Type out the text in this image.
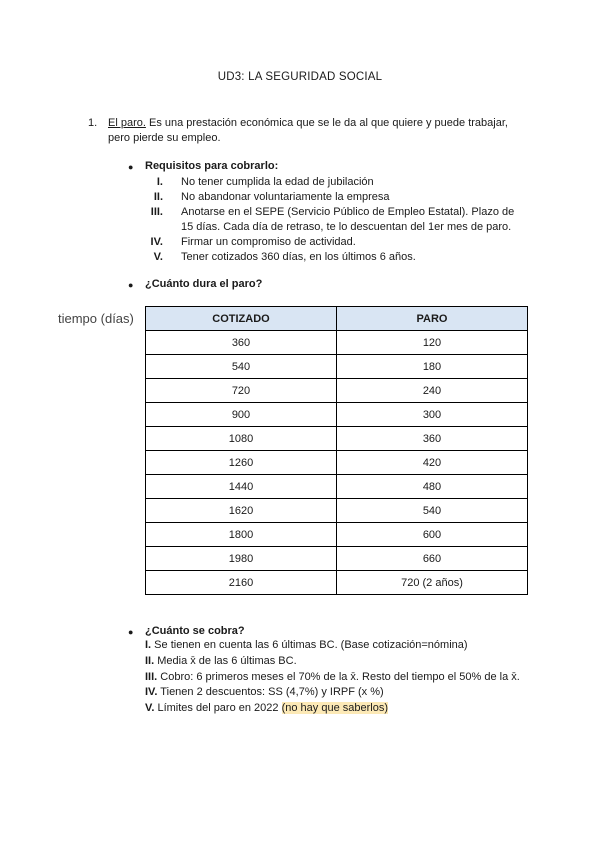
UD3: LA SEGURIDAD SOCIAL
1. El paro. Es una prestación económica que se le da al que quiere y puede trabajar,
pero pierde su empleo.
● Requisitos para cobrarlo:
I. No tener cumplida la edad de jubilación
II. No abandonar voluntariamente la empresa
III. Anotarse en el SEPE (Servicio Público de Empleo Estatal). Plazo de 15 días. Cada día de retraso, te lo descuentan del 1er mes de paro.
IV. Firmar un compromiso de actividad.
V. Tener cotizados 360 días, en los últimos 6 años.
● ¿Cuánto dura el paro?
tiempo (días)	COTIZADO	PARO
360	120
540	180
720	240
900	300
1080	360
1260	420
1440	480
1620	540
1800	600
1980	660
2160	720 (2 años)
● ¿Cuánto se cobra?
I. Se tienen en cuenta las 6 últimas BC. (Base cotización=nómina)
II. Media x̄ de las 6 últimas BC.
III. Cobro: 6 primeros meses el 70% de la x̄. Resto del tiempo el 50% de la x̄.
IV. Tienen 2 descuentos: SS (4,7%) y IRPF (x %)
V. Límites del paro en 2022 (no hay que saberlos)
